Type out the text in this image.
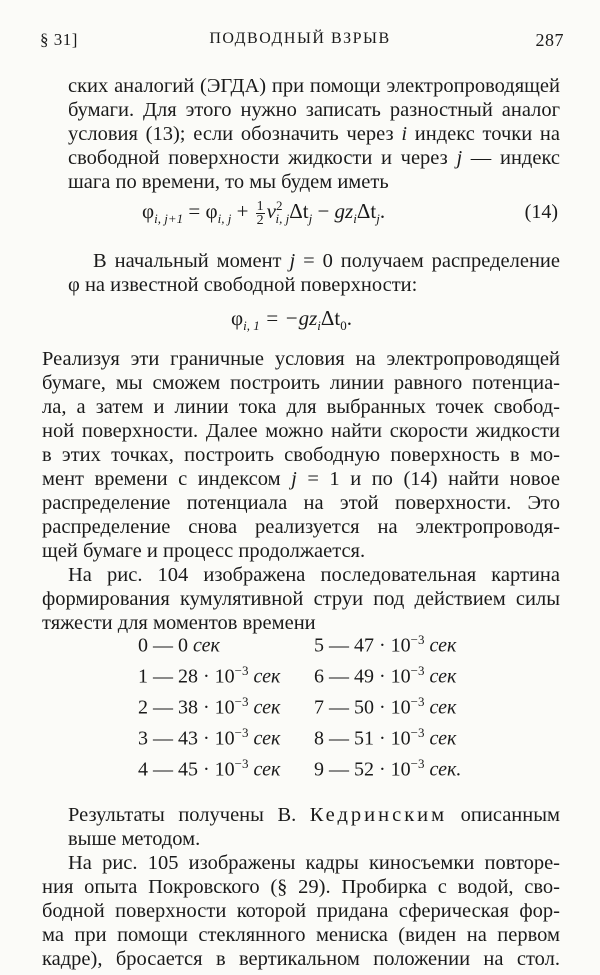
§ 31]	ПОДВОДНЫЙ ВЗРЫВ	287
ских аналогий (ЭГДА) при помощи электропроводящей
бумаги. Для этого нужно записать разностный аналог
условия (13); если обозначить через i индекс точки на
свободной поверхности жидкости и через j — индекс
шага по времени, то мы будем иметь
$\varphi_{i, j+1} = \varphi_{i, j} + \frac{1}{2} v^2_{i, j}\Delta t_j - gz_i\Delta t_j$.	(14)
В начальный момент j = 0 получаем распределение
φ на известной свободной поверхности:
$\varphi_{i, 1} = -gz_i\Delta t_0$.
Реализуя эти граничные условия на электропроводящей
бумаге, мы сможем построить линии равного потенциа-
ла, а затем и линии тока для выбранных точек свобод-
ной поверхности. Далее можно найти скорости жидкости
в этих точках, построить свободную поверхность в мо-
мент времени с индексом j = 1 и по (14) найти новое
распределение потенциала на этой поверхности. Это
распределение снова реализуется на электропроводя-
щей бумаге и процесс продолжается.
На рис. 104 изображена последовательная картина
формирования кумулятивной струи под действием силы
тяжести для моментов времени
0 — 0 сек	5 — $47 \cdot 10^{-3}$ сек
1 — $28 \cdot 10^{-3}$ сек 6 — $49 \cdot 10^{-3}$ сек
2 — $38 \cdot 10^{-3}$ сек 7 — $50 \cdot 10^{-3}$ сек
3 — $43 \cdot 10^{-3}$ сек 8 — $51 \cdot 10^{-3}$ сек
4 — $45 \cdot 10^{-3}$ сек 9 — $52 \cdot 10^{-3}$ сек.
Результаты получены В. Кедринским описанным
выше методом.
На рис. 105 изображены кадры киносъемки повторе-
ния опыта Покровского (§ 29). Пробирка с водой, сво-
бодной поверхности которой придана сферическая фор-
ма при помощи стеклянного мениска (виден на первом
кадре), бросается в вертикальном положении на стол.
